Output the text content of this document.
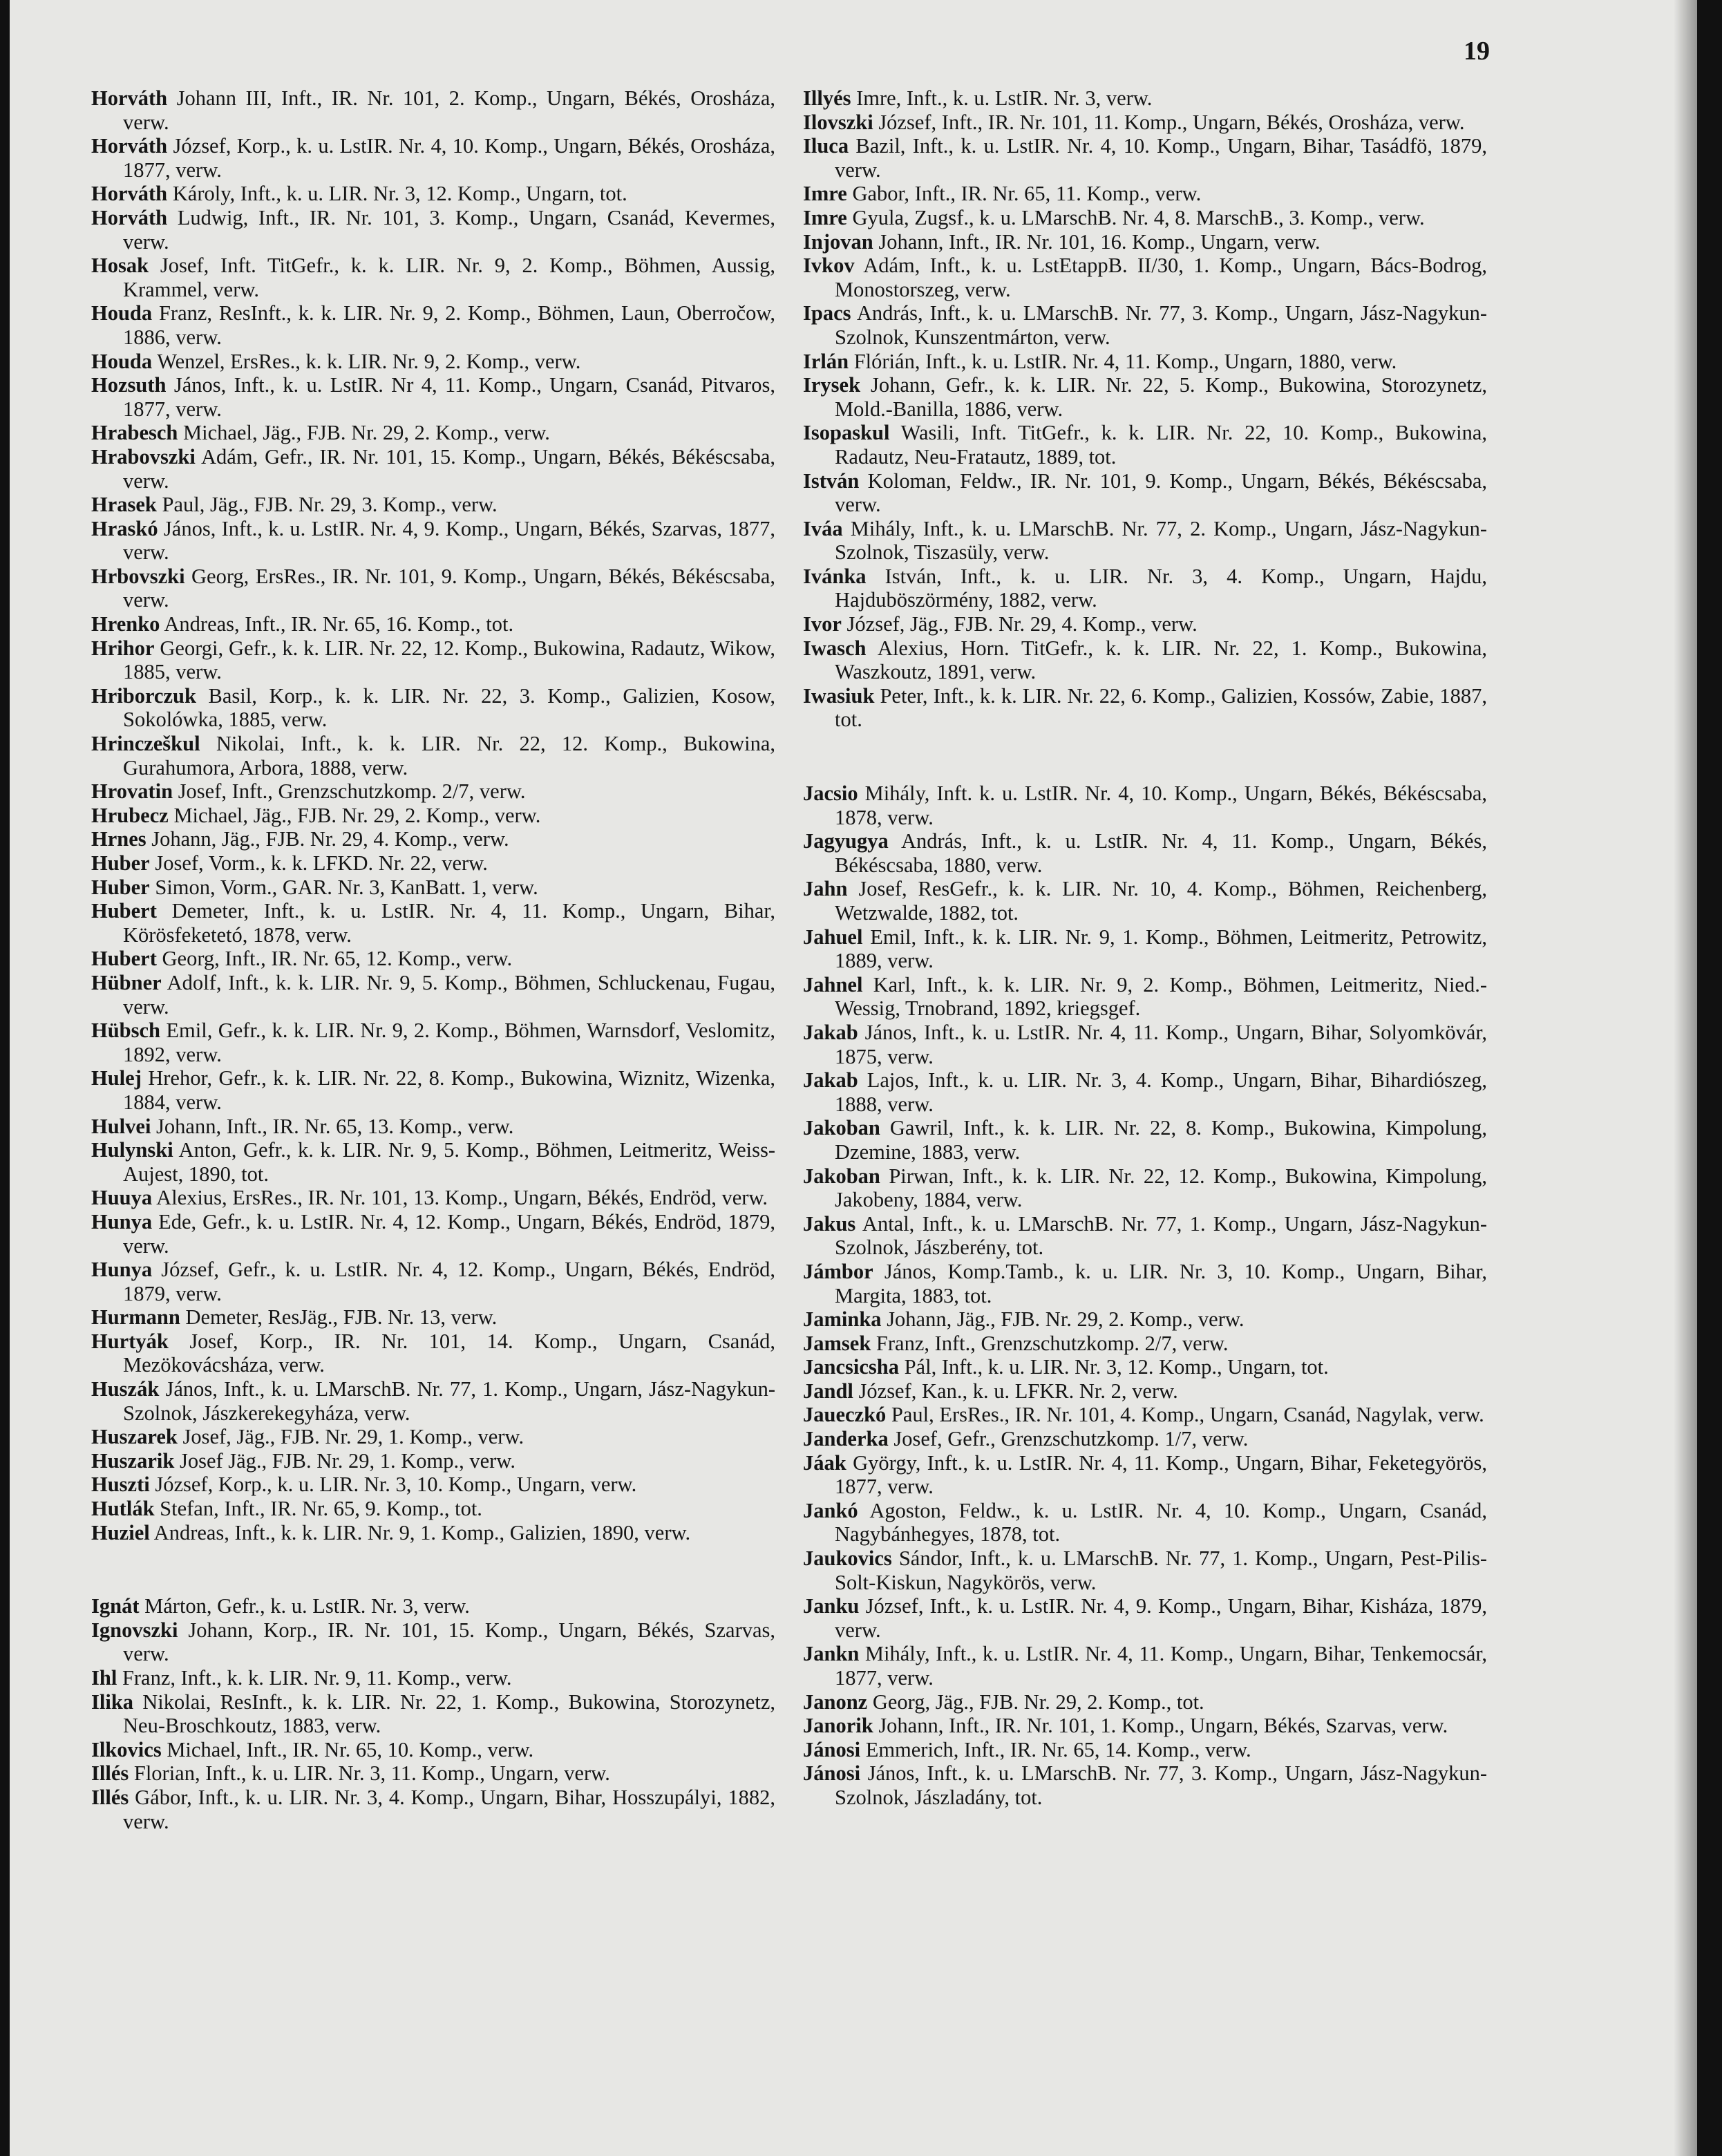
19
Horváth Johann III, Inft., IR. Nr. 101, 2. Komp., Ungarn, Békés, Orosháza, verw.
Horváth József, Korp., k. u. LstIR. Nr. 4, 10. Komp., Ungarn, Békés, Orosháza, 1877, verw.
Horváth Károly, Inft., k. u. LIR. Nr. 3, 12. Komp., Ungarn, tot.
Horváth Ludwig, Inft., IR. Nr. 101, 3. Komp., Ungarn, Csanád, Kevermes, verw.
Hosak Josef, Inft. TitGefr., k. k. LIR. Nr. 9, 2. Komp., Böhmen, Aussig, Krammel, verw.
Houda Franz, ResInft., k. k. LIR. Nr. 9, 2. Komp., Böhmen, Laun, Oberročow, 1886, verw.
Houda Wenzel, ErsRes., k. k. LIR. Nr. 9, 2. Komp., verw.
Hozsuth János, Inft., k. u. LstIR. Nr 4, 11. Komp., Ungarn, Csanád, Pitvaros, 1877, verw.
Hrabesch Michael, Jäg., FJB. Nr. 29, 2. Komp., verw.
Hrabovszki Adám, Gefr., IR. Nr. 101, 15. Komp., Ungarn, Békés, Békéscsaba, verw.
Hrasek Paul, Jäg., FJB. Nr. 29, 3. Komp., verw.
Hraskó János, Inft., k. u. LstIR. Nr. 4, 9. Komp., Ungarn, Békés, Szarvas, 1877, verw.
Hrbovszki Georg, ErsRes., IR. Nr. 101, 9. Komp., Ungarn, Békés, Békéscsaba, verw.
Hrenko Andreas, Inft., IR. Nr. 65, 16. Komp., tot.
Hrihor Georgi, Gefr., k. k. LIR. Nr. 22, 12. Komp., Bukowina, Radautz, Wikow, 1885, verw.
Hriborczuk Basil, Korp., k. k. LIR. Nr. 22, 3. Komp., Galizien, Kosow, Sokolówka, 1885, verw.
Hrinczeškul Nikolai, Inft., k. k. LIR. Nr. 22, 12. Komp., Bukowina, Gurahumora, Arbora, 1888, verw.
Hrovatin Josef, Inft., Grenzschutzkomp. 2/7, verw.
Hrubecz Michael, Jäg., FJB. Nr. 29, 2. Komp., verw.
Hrnes Johann, Jäg., FJB. Nr. 29, 4. Komp., verw.
Huber Josef, Vorm., k. k. LFKD. Nr. 22, verw.
Huber Simon, Vorm., GAR. Nr. 3, KanBatt. 1, verw.
Hubert Demeter, Inft., k. u. LstIR. Nr. 4, 11. Komp., Ungarn, Bihar, Körösfeketetó, 1878, verw.
Hubert Georg, Inft., IR. Nr. 65, 12. Komp., verw.
Hübner Adolf, Inft., k. k. LIR. Nr. 9, 5. Komp., Böhmen, Schluckenau, Fugau, verw.
Hübsch Emil, Gefr., k. k. LIR. Nr. 9, 2. Komp., Böhmen, Warnsdorf, Veslomitz, 1892, verw.
Hulej Hrehor, Gefr., k. k. LIR. Nr. 22, 8. Komp., Bukowina, Wiznitz, Wizenka, 1884, verw.
Hulvei Johann, Inft., IR. Nr. 65, 13. Komp., verw.
Hulynski Anton, Gefr., k. k. LIR. Nr. 9, 5. Komp., Böhmen, Leitmeritz, Weiss-Aujest, 1890, tot.
Huuya Alexius, ErsRes., IR. Nr. 101, 13. Komp., Ungarn, Békés, Endröd, verw.
Hunya Ede, Gefr., k. u. LstIR. Nr. 4, 12. Komp., Ungarn, Békés, Endröd, 1879, verw.
Hunya József, Gefr., k. u. LstIR. Nr. 4, 12. Komp., Ungarn, Békés, Endröd, 1879, verw.
Hurmann Demeter, ResJäg., FJB. Nr. 13, verw.
Hurtyák Josef, Korp., IR. Nr. 101, 14. Komp., Ungarn, Csanád, Mezökovácsháza, verw.
Huszák János, Inft., k. u. LMarschB. Nr. 77, 1. Komp., Ungarn, Jász-Nagykun-Szolnok, Jászkerekegyháza, verw.
Huszarek Josef, Jäg., FJB. Nr. 29, 1. Komp., verw.
Huszarik Josef Jäg., FJB. Nr. 29, 1. Komp., verw.
Huszti József, Korp., k. u. LIR. Nr. 3, 10. Komp., Ungarn, verw.
Hutlák Stefan, Inft., IR. Nr. 65, 9. Komp., tot.
Huziel Andreas, Inft., k. k. LIR. Nr. 9, 1. Komp., Galizien, 1890, verw.
Ignát Márton, Gefr., k. u. LstIR. Nr. 3, verw.
Ignovszki Johann, Korp., IR. Nr. 101, 15. Komp., Ungarn, Békés, Szarvas, verw.
Ihl Franz, Inft., k. k. LIR. Nr. 9, 11. Komp., verw.
Ilika Nikolai, ResInft., k. k. LIR. Nr. 22, 1. Komp., Bukowina, Storozynetz, Neu-Broschkoutz, 1883, verw.
Ilkovics Michael, Inft., IR. Nr. 65, 10. Komp., verw.
Illés Florian, Inft., k. u. LIR. Nr. 3, 11. Komp., Ungarn, verw.
Illés Gábor, Inft., k. u. LIR. Nr. 3, 4. Komp., Ungarn, Bihar, Hosszupályi, 1882, verw.
Illyés Imre, Inft., k. u. LstIR. Nr. 3, verw.
Ilovszki József, Inft., IR. Nr. 101, 11. Komp., Ungarn, Békés, Orosháza, verw.
Iluca Bazil, Inft., k. u. LstIR. Nr. 4, 10. Komp., Ungarn, Bihar, Tasádfö, 1879, verw.
Imre Gabor, Inft., IR. Nr. 65, 11. Komp., verw.
Imre Gyula, Zugsf., k. u. LMarschB. Nr. 4, 8. MarschB., 3. Komp., verw.
Injovan Johann, Inft., IR. Nr. 101, 16. Komp., Ungarn, verw.
Ivkov Adám, Inft., k. u. LstEtappB. II/30, 1. Komp., Ungarn, Bács-Bodrog, Monostorszeg, verw.
Ipacs András, Inft., k. u. LMarschB. Nr. 77, 3. Komp., Ungarn, Jász-Nagykun-Szolnok, Kunszentmárton, verw.
Irlán Flórián, Inft., k. u. LstIR. Nr. 4, 11. Komp., Ungarn, 1880, verw.
Irysek Johann, Gefr., k. k. LIR. Nr. 22, 5. Komp., Bukowina, Storozynetz, Mold.-Banilla, 1886, verw.
Isopaskul Wasili, Inft. TitGefr., k. k. LIR. Nr. 22, 10. Komp., Bukowina, Radautz, Neu-Fratautz, 1889, tot.
István Koloman, Feldw., IR. Nr. 101, 9. Komp., Ungarn, Békés, Békéscsaba, verw.
Iváa Mihály, Inft., k. u. LMarschB. Nr. 77, 2. Komp., Ungarn, Jász-Nagykun-Szolnok, Tiszasüly, verw.
Ivánka István, Inft., k. u. LIR. Nr. 3, 4. Komp., Ungarn, Hajdu, Hajduböszörmény, 1882, verw.
Ivor József, Jäg., FJB. Nr. 29, 4. Komp., verw.
Iwasch Alexius, Horn. TitGefr., k. k. LIR. Nr. 22, 1. Komp., Bukowina, Waszkoutz, 1891, verw.
Iwasiuk Peter, Inft., k. k. LIR. Nr. 22, 6. Komp., Galizien, Kossów, Zabie, 1887, tot.
Jacsio Mihály, Inft. k. u. LstIR. Nr. 4, 10. Komp., Ungarn, Békés, Békéscsaba, 1878, verw.
Jagyugya András, Inft., k. u. LstIR. Nr. 4, 11. Komp., Ungarn, Békés, Békéscsaba, 1880, verw.
Jahn Josef, ResGefr., k. k. LIR. Nr. 10, 4. Komp., Böhmen, Reichenberg, Wetzwalde, 1882, tot.
Jahuel Emil, Inft., k. k. LIR. Nr. 9, 1. Komp., Böhmen, Leitmeritz, Petrowitz, 1889, verw.
Jahnel Karl, Inft., k. k. LIR. Nr. 9, 2. Komp., Böhmen, Leitmeritz, Nied.-Wessig, Trnobrand, 1892, kriegsgef.
Jakab János, Inft., k. u. LstIR. Nr. 4, 11. Komp., Ungarn, Bihar, Solyomkövár, 1875, verw.
Jakab Lajos, Inft., k. u. LIR. Nr. 3, 4. Komp., Ungarn, Bihar, Bihardiószeg, 1888, verw.
Jakoban Gawril, Inft., k. k. LIR. Nr. 22, 8. Komp., Bukowina, Kimpolung, Dzemine, 1883, verw.
Jakoban Pirwan, Inft., k. k. LIR. Nr. 22, 12. Komp., Bukowina, Kimpolung, Jakobeny, 1884, verw.
Jakus Antal, Inft., k. u. LMarschB. Nr. 77, 1. Komp., Ungarn, Jász-Nagykun-Szolnok, Jászberény, tot.
Jámbor János, Komp.Tamb., k. u. LIR. Nr. 3, 10. Komp., Ungarn, Bihar, Margita, 1883, tot.
Jaminka Johann, Jäg., FJB. Nr. 29, 2. Komp., verw.
Jamsek Franz, Inft., Grenzschutzkomp. 2/7, verw.
Jancsicsha Pál, Inft., k. u. LIR. Nr. 3, 12. Komp., Ungarn, tot.
Jandl József, Kan., k. u. LFKR. Nr. 2, verw.
Jaueczkó Paul, ErsRes., IR. Nr. 101, 4. Komp., Ungarn, Csanád, Nagylak, verw.
Janderka Josef, Gefr., Grenzschutzkomp. 1/7, verw.
Jáak György, Inft., k. u. LstIR. Nr. 4, 11. Komp., Ungarn, Bihar, Feketegyörös, 1877, verw.
Jankó Agoston, Feldw., k. u. LstIR. Nr. 4, 10. Komp., Ungarn, Csanád, Nagybánhegyes, 1878, tot.
Jaukovics Sándor, Inft., k. u. LMarschB. Nr. 77, 1. Komp., Ungarn, Pest-Pilis-Solt-Kiskun, Nagykörös, verw.
Janku József, Inft., k. u. LstIR. Nr. 4, 9. Komp., Ungarn, Bihar, Kisháza, 1879, verw.
Jankn Mihály, Inft., k. u. LstIR. Nr. 4, 11. Komp., Ungarn, Bihar, Tenkemocsár, 1877, verw.
Janonz Georg, Jäg., FJB. Nr. 29, 2. Komp., tot.
Janorik Johann, Inft., IR. Nr. 101, 1. Komp., Ungarn, Békés, Szarvas, verw.
Jánosi Emmerich, Inft., IR. Nr. 65, 14. Komp., verw.
Jánosi János, Inft., k. u. LMarschB. Nr. 77, 3. Komp., Ungarn, Jász-Nagykun-Szolnok, Jászladány, tot.
